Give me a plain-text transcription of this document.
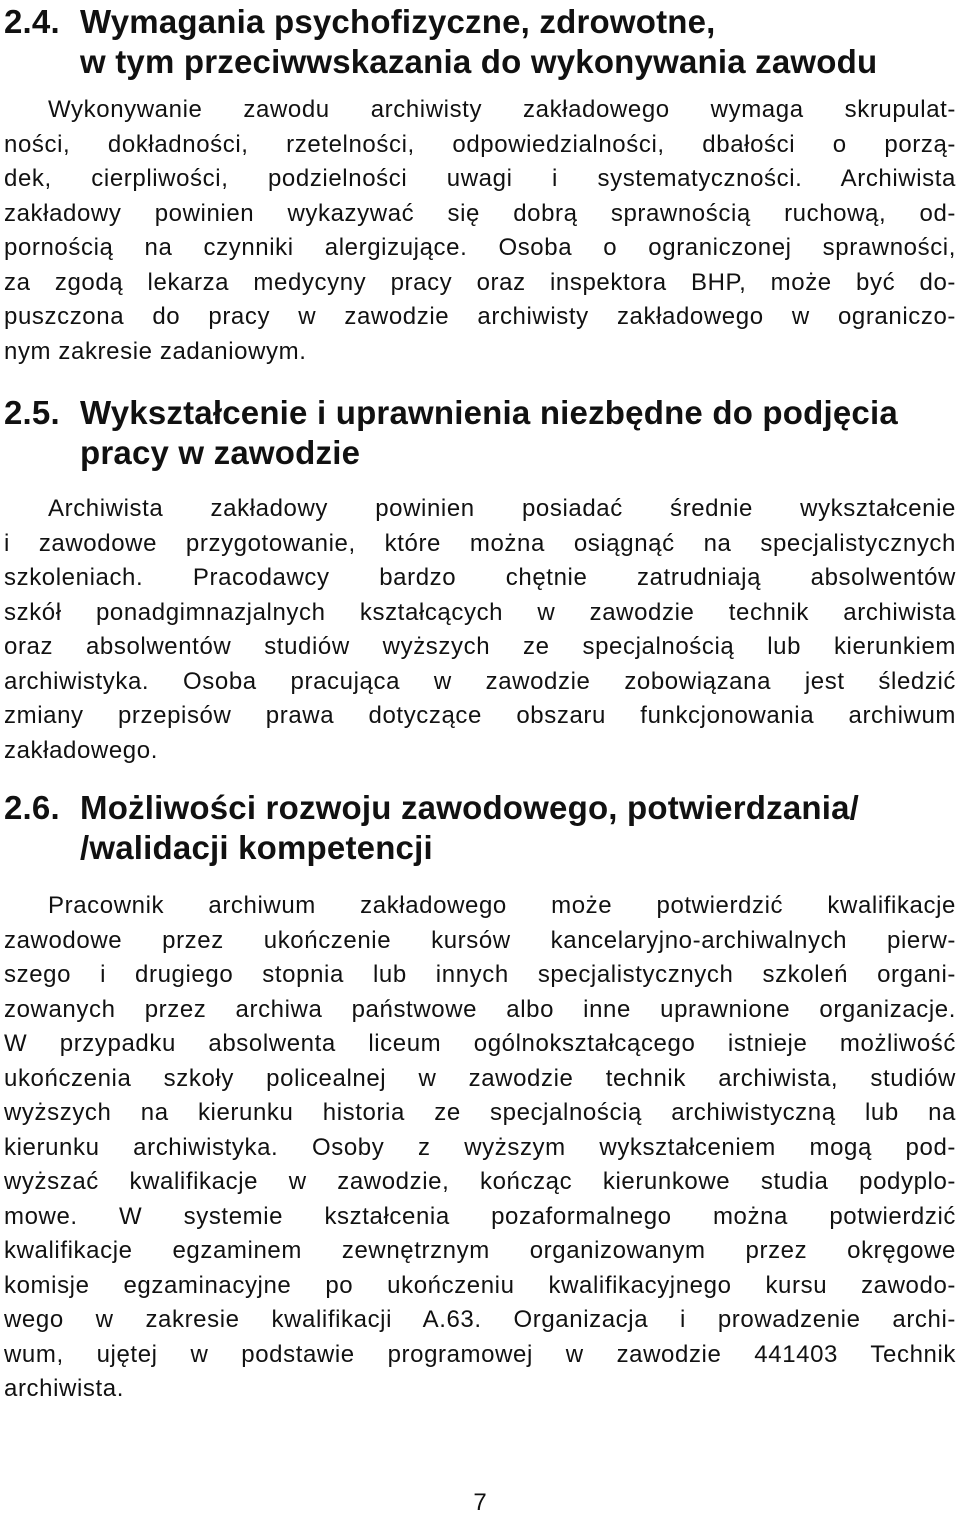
2.4. Wymagania psychofizyczne, zdrowotne,
w tym przeciwwskazania do wykonywania zawodu
Wykonywanie zawodu archiwisty zakładowego wymaga skrupulat-
ności, dokładności, rzetelności, odpowiedzialności, dbałości o porzą-
dek, cierpliwości, podzielności uwagi i systematyczności. Archiwista
zakładowy powinien wykazywać się dobrą sprawnością ruchową, od-
pornością na czynniki alergizujące. Osoba o ograniczonej sprawności,
za zgodą lekarza medycyny pracy oraz inspektora BHP, może być do-
puszczona do pracy w zawodzie archiwisty zakładowego w ograniczo-
nym zakresie zadaniowym.
2.5. Wykształcenie i uprawnienia niezbędne do podjęcia
pracy w zawodzie
Archiwista zakładowy powinien posiadać średnie wykształcenie
i zawodowe przygotowanie, które można osiągnąć na specjalistycznych
szkoleniach. Pracodawcy bardzo chętnie zatrudniają absolwentów
szkół ponadgimnazjalnych kształcących w zawodzie technik archiwista
oraz absolwentów studiów wyższych ze specjalnością lub kierunkiem
archiwistyka. Osoba pracująca w zawodzie zobowiązana jest śledzić
zmiany przepisów prawa dotyczące obszaru funkcjonowania archiwum
zakładowego.
2.6. Możliwości rozwoju zawodowego, potwierdzania/
/walidacji kompetencji
Pracownik archiwum zakładowego może potwierdzić kwalifikacje
zawodowe przez ukończenie kursów kancelaryjno-archiwalnych pierw-
szego i drugiego stopnia lub innych specjalistycznych szkoleń organi-
zowanych przez archiwa państwowe albo inne uprawnione organizacje.
W przypadku absolwenta liceum ogólnokształcącego istnieje możliwość
ukończenia szkoły policealnej w zawodzie technik archiwista, studiów
wyższych na kierunku historia ze specjalnością archiwistyczną lub na
kierunku archiwistyka. Osoby z wyższym wykształceniem mogą pod-
wyższać kwalifikacje w zawodzie, kończąc kierunkowe studia podyplo-
mowe. W systemie kształcenia pozaformalnego można potwierdzić
kwalifikacje egzaminem zewnętrznym organizowanym przez okręgowe
komisje egzaminacyjne po ukończeniu kwalifikacyjnego kursu zawodo-
wego w zakresie kwalifikacji A.63. Organizacja i prowadzenie archi-
wum, ujętej w podstawie programowej w zawodzie 441403 Technik
archiwista.

7
